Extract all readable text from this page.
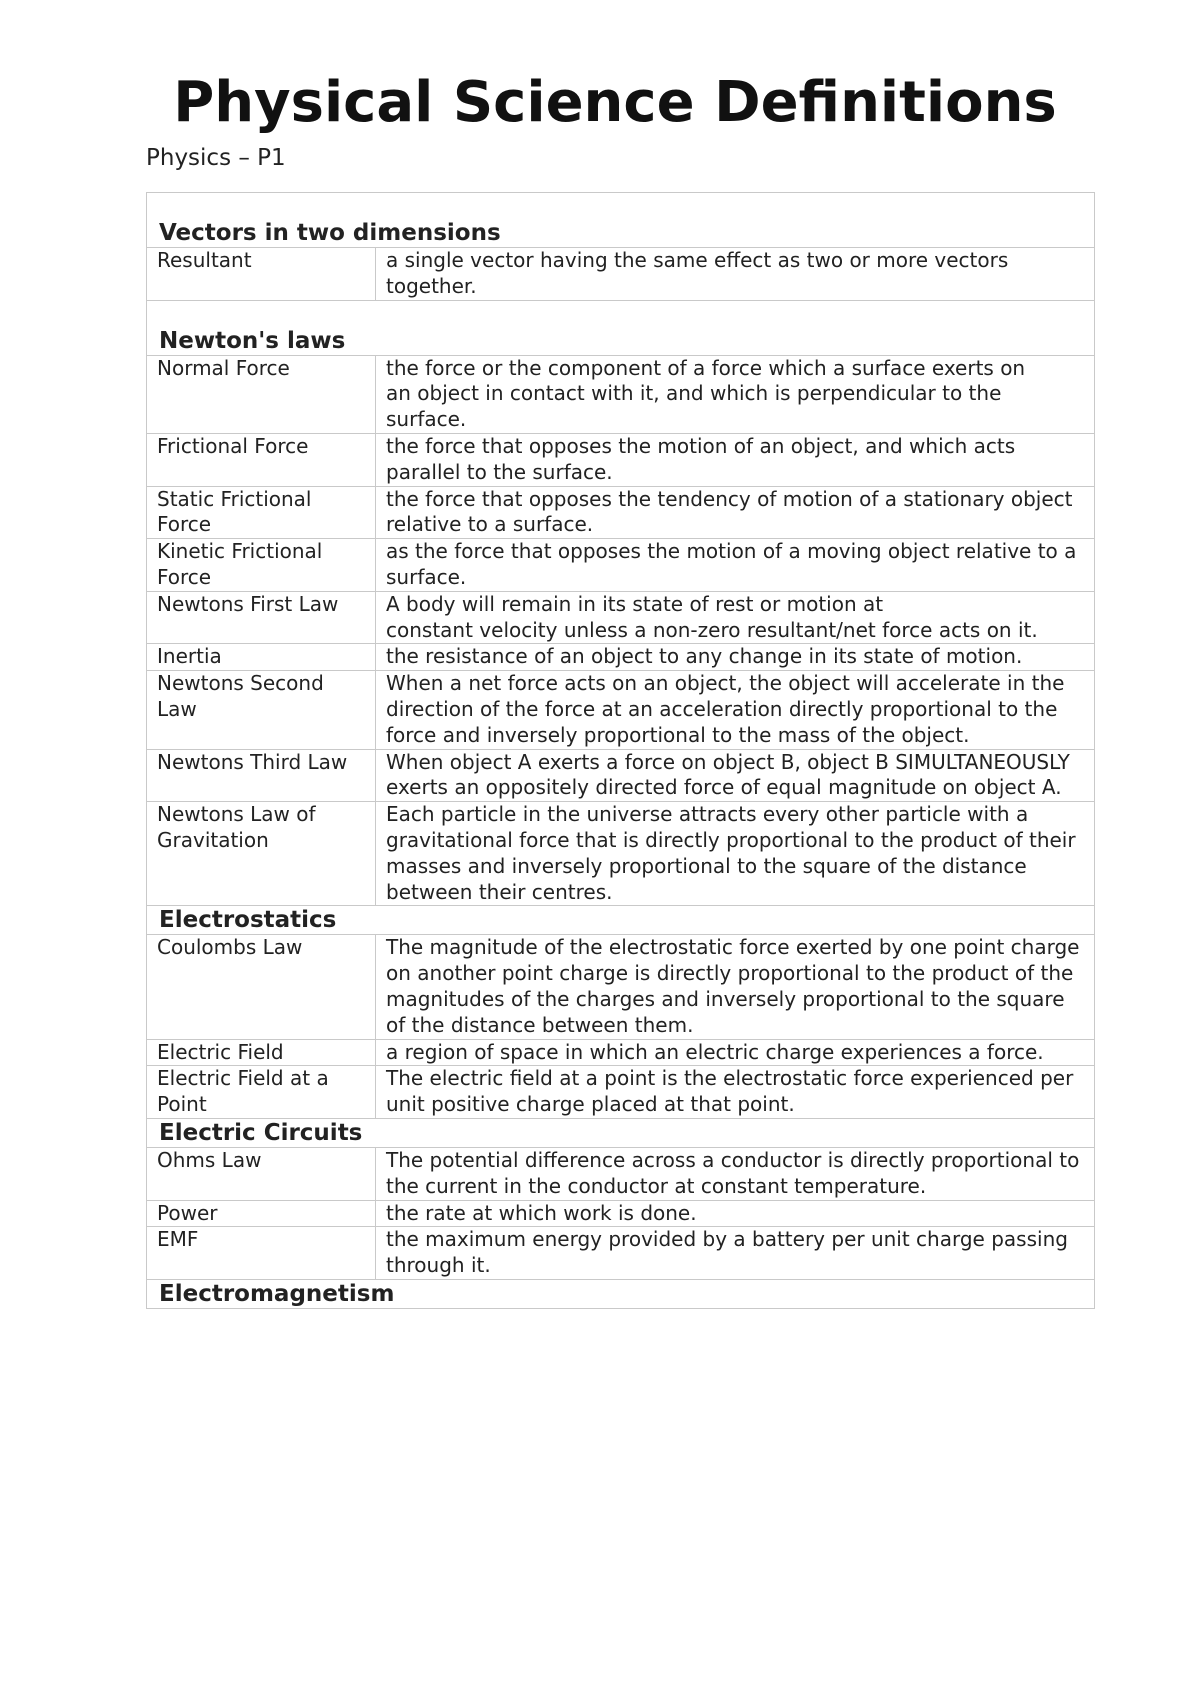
Physical Science Definitions

Physics – P1

Vectors in two dimensions	
Resultant	a single vector having the same effect as two or more vectors together.
Newton's laws	
Normal Force	the force or the component of a force which a surface exerts on
an object in contact with it, and which is perpendicular to the surface.

Frictional Force	the force that opposes the motion of an object, and which acts
parallel to the surface.

Static Frictional Force	the force that opposes the tendency of motion of a stationary object relative to a surface.
Kinetic Frictional Force	as the force that opposes the motion of a moving object relative to a surface.
Newtons First Law	A body will remain in its state of rest or motion at
constant velocity unless a non-zero resultant/net force acts on it.

Inertia	the resistance of an object to any change in its state of motion.
Newtons Second Law	When a net force acts on an object, the object will accelerate in the direction of the force at an acceleration directly proportional to the force and inversely proportional to the mass of the object.
Newtons Third Law	When object A exerts a force on object B, object B SIMULTANEOUSLY exerts an oppositely directed force of equal magnitude on object A.
Newtons Law of Gravitation	Each particle in the universe attracts every other particle with a gravitational force that is directly proportional to the product of their
masses and inversely proportional to the square of the distance between their centres.

Electrostatics	
Coulombs Law	The magnitude of the electrostatic force exerted by one point charge on another point charge is directly proportional to the product of the magnitudes of the charges and inversely proportional to the square of the distance between them.
Electric Field	a region of space in which an electric charge experiences a force.
Electric Field at a Point	The electric field at a point is the electrostatic force experienced per unit positive charge placed at that point.
Electric Circuits	
Ohms Law	The potential difference across a conductor is directly proportional to the current in the conductor at constant temperature.
Power	the rate at which work is done.
EMF	the maximum energy provided by a battery per unit charge passing through it.
Electromagnetism	
